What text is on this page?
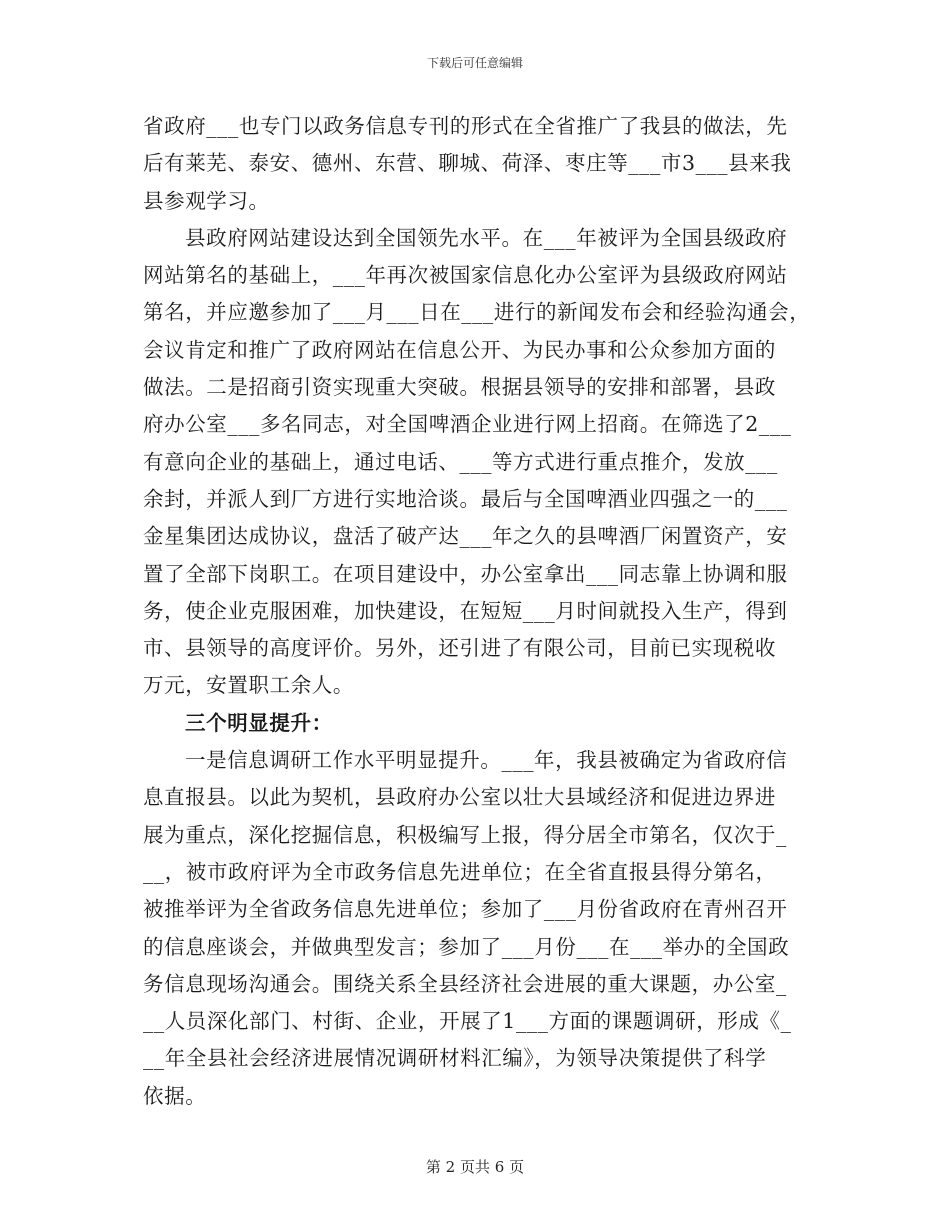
下载后可任意编辑

省政府___也专门以政务信息专刊的形式在全省推广了我县的做法，先
后有莱芜、泰安、德州、东营、聊城、荷泽、枣庄等___市3___县来我
县参观学习。
县政府网站建设达到全国领先水平。在___年被评为全国县级政府
网站第名的基础上，___年再次被国家信息化办公室评为县级政府网站
第名，并应邀参加了___月___日在___进行的新闻发布会和经验沟通会，
会议肯定和推广了政府网站在信息公开、为民办事和公众参加方面的
做法。二是招商引资实现重大突破。根据县领导的安排和部署，县政
府办公室___多名同志，对全国啤酒企业进行网上招商。在筛选了2___
有意向企业的基础上，通过电话、___等方式进行重点推介，发放___
余封，并派人到厂方进行实地洽谈。最后与全国啤酒业四强之一的___
金星集团达成协议，盘活了破产达___年之久的县啤酒厂闲置资产，安
置了全部下岗职工。在项目建设中，办公室拿出___同志靠上协调和服
务，使企业克服困难，加快建设，在短短___月时间就投入生产，得到
市、县领导的高度评价。另外，还引进了有限公司，目前已实现税收
万元，安置职工余人。
三个明显提升：
一是信息调研工作水平明显提升。___年，我县被确定为省政府信
息直报县。以此为契机，县政府办公室以壮大县域经济和促进边界进
展为重点，深化挖掘信息，积极编写上报，得分居全市第名，仅次于_
__，被市政府评为全市政务信息先进单位；在全省直报县得分第名，
被推举评为全省政务信息先进单位；参加了___月份省政府在青州召开
的信息座谈会，并做典型发言；参加了___月份___在___举办的全国政
务信息现场沟通会。围绕关系全县经济社会进展的重大课题，办公室_
__人员深化部门、村街、企业，开展了1___方面的课题调研，形成《_
__年全县社会经济进展情况调研材料汇编》，为领导决策提供了科学
依据。

第 2 页共 6 页
